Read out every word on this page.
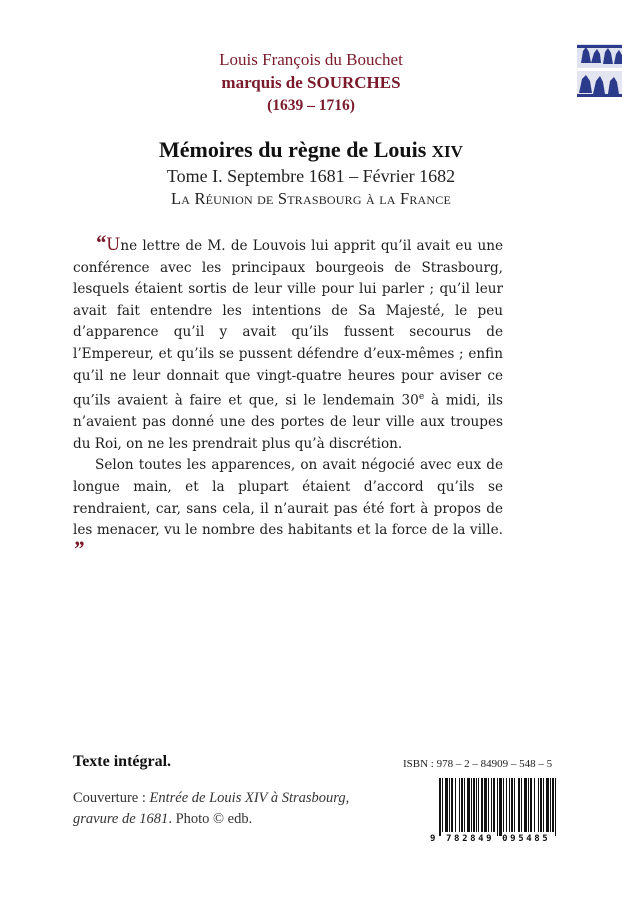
Louis François du Bouchet
marquis de SOURCHES
(1639 – 1716)
Mémoires du règne de Louis XIV
Tome I. Septembre 1681 – Février 1682
La Réunion de Strasbourg à la France

“Une lettre de M. de Louvois lui apprit qu’il avait eu une conférence avec les principaux bourgeois de Strasbourg, lesquels étaient sortis de leur ville pour lui parler ; qu’il leur avait fait entendre les intentions de Sa Majesté, le peu d’apparence qu’il y avait qu’ils fussent secourus de l’Empereur, et qu’ils se pussent défendre d’eux-mêmes ; enfin qu’il ne leur donnait que vingt-quatre heures pour aviser ce qu’ils avaient à faire et que, si le lendemain 30e à midi, ils n’avaient pas donné une des portes de leur ville aux troupes du Roi, on ne les prendrait plus qu’à discrétion.

Selon toutes les apparences, on avait négocié avec eux de longue main, et la plupart étaient d’accord qu’ils se rendraient, car, sans cela, il n’aurait pas été fort à propos de les menacer, vu le nombre des habitants et la force de la ville. ”

Texte intégral.
Couverture : Entrée de Louis XIV à Strasbourg,
gravure de 1681. Photo © edb.
ISBN : 978 – 2 – 84909 – 548 – 5
9 782849 095485
